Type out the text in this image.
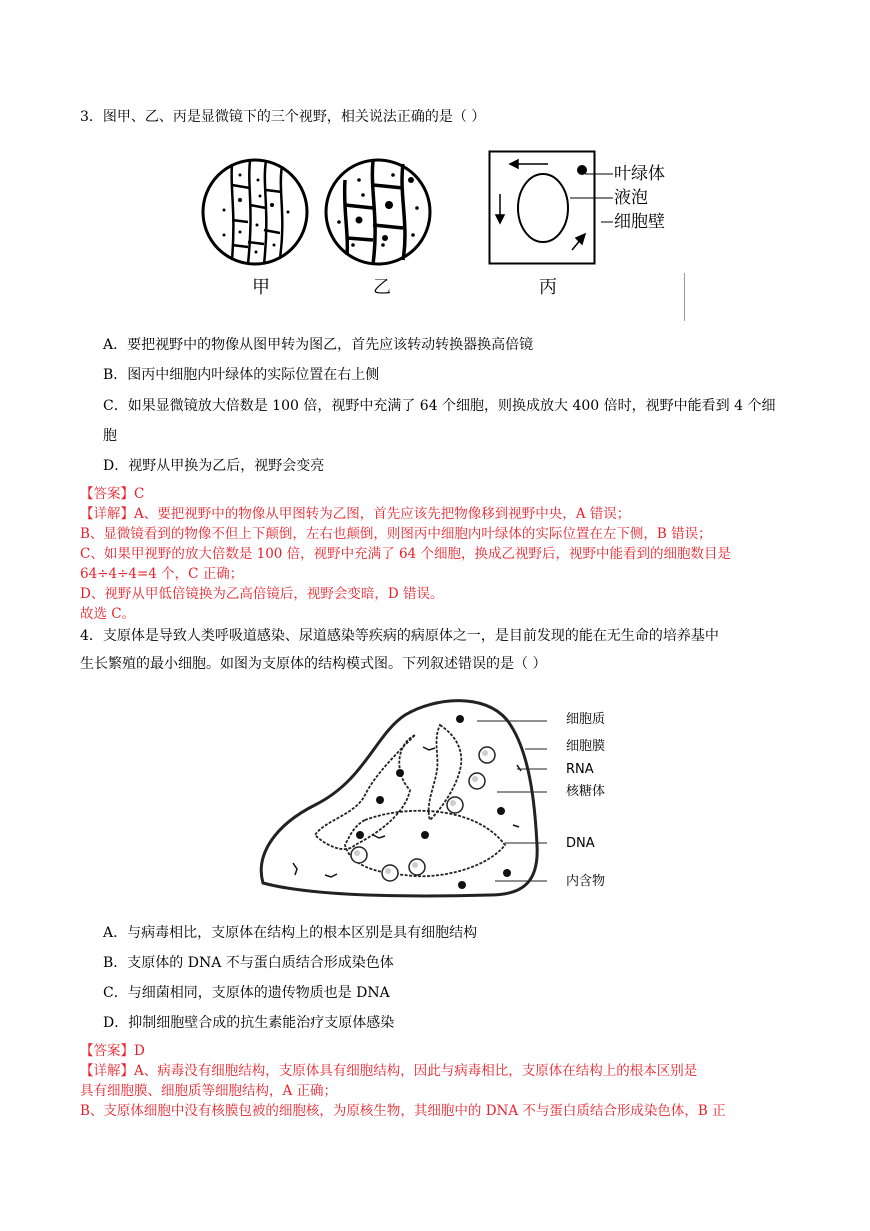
3．图甲、乙、丙是显微镜下的三个视野，相关说法正确的是（ ）
甲	乙	丙
叶绿体
液泡
细胞壁
A．要把视野中的物像从图甲转为图乙，首先应该转动转换器换高倍镜
B．图丙中细胞内叶绿体的实际位置在右上侧
C．如果显微镜放大倍数是 100 倍，视野中充满了 64 个细胞，则换成放大 400 倍时，视野中能看到 4 个细
胞
D．视野从甲换为乙后，视野会变亮
【答案】C
【详解】A、要把视野中的物像从甲图转为乙图，首先应该先把物像移到视野中央，A 错误；
B、显微镜看到的物像不但上下颠倒，左右也颠倒，则图丙中细胞内叶绿体的实际位置在左下侧，B 错误；
C、如果甲视野的放大倍数是 100 倍，视野中充满了 64 个细胞，换成乙视野后，视野中能看到的细胞数目是
64÷4÷4=4 个，C 正确；
D、视野从甲低倍镜换为乙高倍镜后，视野会变暗，D 错误。
故选 C。
4．支原体是导致人类呼吸道感染、尿道感染等疾病的病原体之一，是目前发现的能在无生命的培养基中
生长繁殖的最小细胞。如图为支原体的结构模式图。下列叙述错误的是（ ）
细胞质
细胞膜
RNA
核糖体
DNA
内含物
A．与病毒相比，支原体在结构上的根本区别是具有细胞结构
B．支原体的 DNA 不与蛋白质结合形成染色体
C．与细菌相同，支原体的遗传物质也是 DNA
D．抑制细胞壁合成的抗生素能治疗支原体感染
【答案】D
【详解】A、病毒没有细胞结构，支原体具有细胞结构，因此与病毒相比，支原体在结构上的根本区别是
具有细胞膜、细胞质等细胞结构，A 正确；
B、支原体细胞中没有核膜包被的细胞核，为原核生物，其细胞中的 DNA 不与蛋白质结合形成染色体，B 正
